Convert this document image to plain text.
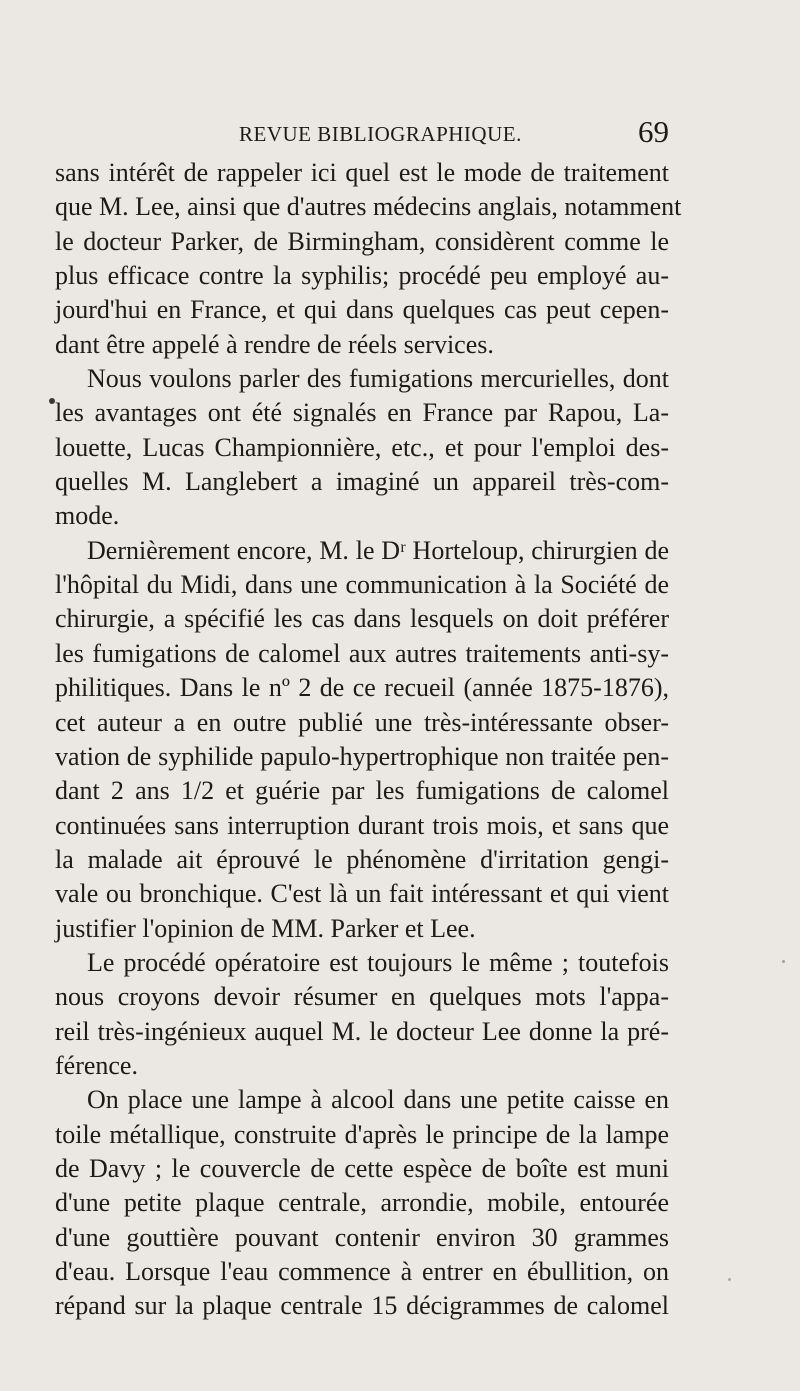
REVUE BIBLIOGRAPHIQUE.	69
sans intérêt de rappeler ici quel est le mode de traitement
que M. Lee, ainsi que d'autres médecins anglais, notamment
le docteur Parker, de Birmingham, considèrent comme le
plus efficace contre la syphilis; procédé peu employé au-
jourd'hui en France, et qui dans quelques cas peut cepen-
dant être appelé à rendre de réels services.
Nous voulons parler des fumigations mercurielles, dont
les avantages ont été signalés en France par Rapou, La-
louette, Lucas Championnière, etc., et pour l'emploi des-
quelles M. Langlebert a imaginé un appareil très-com-
mode.
Dernièrement encore, M. le Dʳ Horteloup, chirurgien de
l'hôpital du Midi, dans une communication à la Société de
chirurgie, a spécifié les cas dans lesquels on doit préférer
les fumigations de calomel aux autres traitements anti-sy-
philitiques. Dans le nº 2 de ce recueil (année 1875-1876),
cet auteur a en outre publié une très-intéressante obser-
vation de syphilide papulo-hypertrophique non traitée pen-
dant 2 ans 1/2 et guérie par les fumigations de calomel
continuées sans interruption durant trois mois, et sans que
la malade ait éprouvé le phénomène d'irritation gengi-
vale ou bronchique. C'est là un fait intéressant et qui vient
justifier l'opinion de MM. Parker et Lee.
Le procédé opératoire est toujours le même ; toutefois
nous croyons devoir résumer en quelques mots l'appa-
reil très-ingénieux auquel M. le docteur Lee donne la pré-
férence.
On place une lampe à alcool dans une petite caisse en
toile métallique, construite d'après le principe de la lampe
de Davy ; le couvercle de cette espèce de boîte est muni
d'une petite plaque centrale, arrondie, mobile, entourée
d'une gouttière pouvant contenir environ 30 grammes
d'eau. Lorsque l'eau commence à entrer en ébullition, on
répand sur la plaque centrale 15 décigrammes de calomel
